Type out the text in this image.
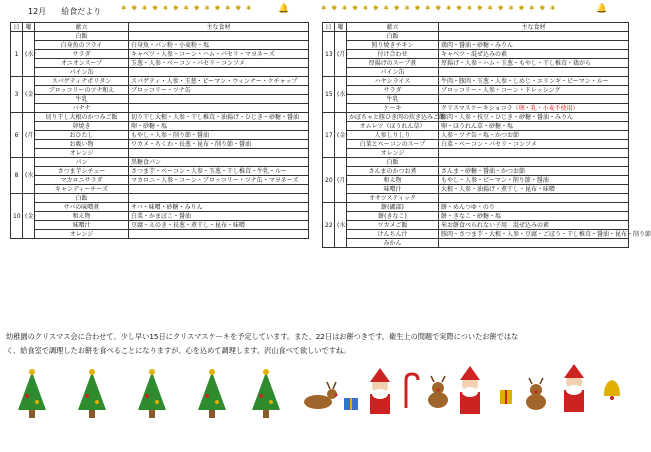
12月 給食だより ✶ ✷ ✶ ✷ ✶ ✷ ✶ ✷ ✶ ✷ ✶ ✷ ✶	🔔	✶ ✷ ✶ ✷ ✶ ✷ ✶ ✷ ✶ ✷ ✶ ✷ ✶ ✷ ✶ ✷ ✶ ✷ ✶ ✷ ✶ ✷ ✶	🔔
日	曜	献立	主な食材
1	(水)	白飯	
		白身魚のフライ	白身魚・パン粉・小麦粉・塩
		サラダ	キャベツ・人参・コーン・ハム・パセリ・マヨネーズ
		オニオンスープ	玉葱・人参・ベーコン・パセリ・コンソメ
		パイン缶	
3	(金)	スパゲティナポリタン	スパゲティ・人参・玉葱・ピーマン・ウィンナー・ケチャップ
		ブロッコリーのツナ和え	ブロッコリー・ツナ缶
		牛乳	
		バナナ	
6	(月)	切り干し大根のかつみご飯	切り干し大根・人参・干し椎茸・油揚げ・ひじき・砂糖・醤油
		卯焼き	卵・砂糖・塩
		おひたし	もやし・人参・削り節・醤油
		お吸い物	ワカメ・ちくわ・長葱・昆布・削り節・醤油
		オレンジ	
8	(水)	パン	黒糖食パン
		さつま芋シチュー	さつま芋・ベーコン・人参・玉葱・干し椎茸・牛乳・ルー
		マカロニサラダ	マカロニ・人参・コーン・ブロッコリー・ツナ缶・マヨネーズ
		キャンディーチーズ	
10	(金)	白飯	
		サバの味噌煮	サバ・味噌・砂糖・みりん
		和え物	白菜・かまぼこ・醤油
		味噌汁	豆腐・えのき・長葱・煮干し・昆布・味噌
		オレンジ	
日	曜	献立	主な食材
13	(月)	白飯	
		照り焼きチキン	鶏肉・醤油・砂糖・みりん
		付け合わせ	キャベツ・混ぜ込みの素
		厚揚げのスープ煮	厚揚げ・人参・ハム・玉葱・もやし・干し椎茸・鶏がら
		パイン缶	
15	(水)	ハヤシライス	牛肉・豚肉・玉葱・人参・しめじ・エリンギ・ピーマン・ルー
		サラダ	ブロッコリー・人参・コーン・ドレッシング
		牛乳	
		ケーキ	クリスマスケーキショコラ（卵・乳・小麦不使用）
17	(金)	かぼちゃと豚ひき肉の炊き込みご飯	豚肉・人参・枝豆・ひじき・砂糖・醤油・みりん
		オムレツ（ほうれん草）	卵・ほうれん草・砂糖・塩
		人参しりしり	人参・ツナ缶・塩・かつお節
		白菜とベーコンのスープ	白菜・ベーコン・パセリ・コンソメ
		オレンジ	
20	(月)	白飯	
		さんまのかつお煮	さんま・砂糖・醤油・かつお節
		和え物	もやし・人参・ピーマン・削り節・醤油
		味噌汁	大根・人参・油揚げ・煮干し・昆布・味噌
		オサツスティック	
22	(水)	餅(磯部)	餅・めんつゆ・のり
		餅(きなこ)	餅・きなこ・砂糖・塩
		ワカメご飯	米お餅食べられない子用　混ぜ込みの素
		けんちん汁	豚肉・さつま芋・大根・人参・豆腐・ごぼう・干し椎茸・醤油・昆布・削り節
		みかん	
幼稚園のクリスマス会に合わせて、少し早い15日にクリスマスケーキを予定しています。また、22日はお餅つきです。衛生上の問題で実際についたお餅ではな
く、給食室で調理したお餅を食べることになりますが、心を込めて調理します。沢山食べて欲しいですね。
